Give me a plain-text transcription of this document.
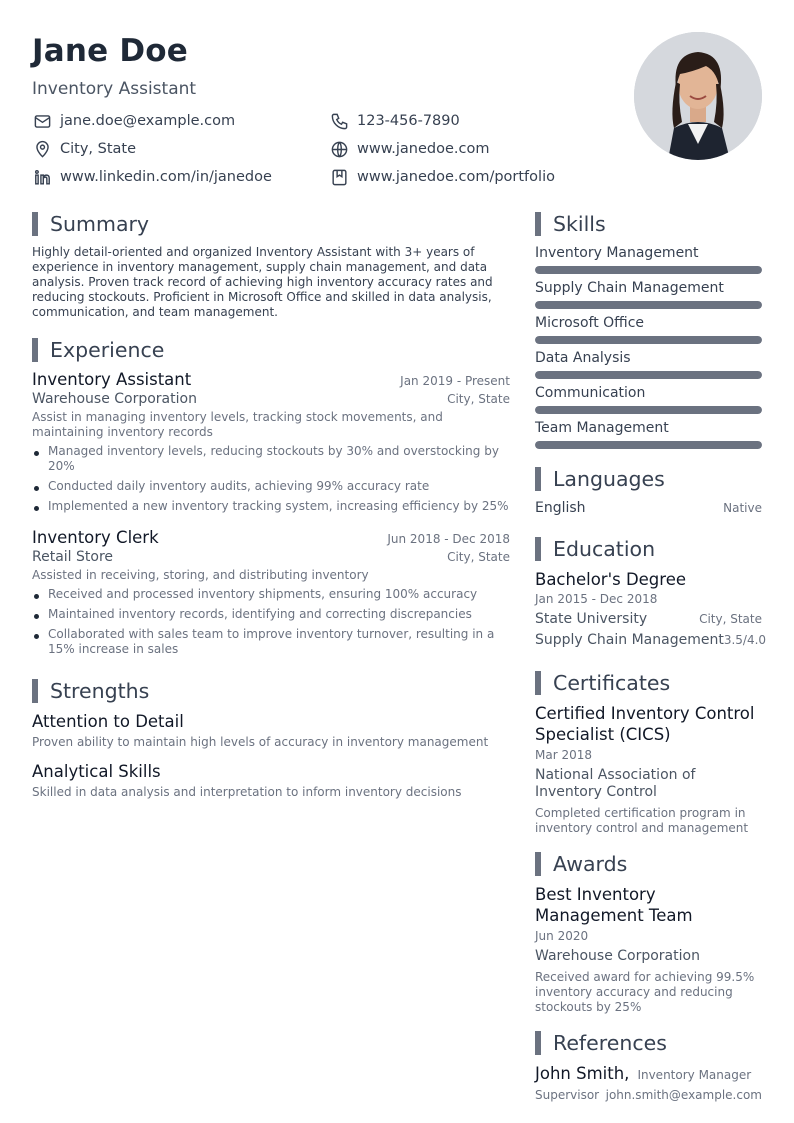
Jane Doe
Inventory Assistant
jane.doe@example.com	123-456-7890
City, State	www.janedoe.com
www.linkedin.com/in/janedoe	www.janedoe.com/portfolio
Summary
Highly detail-oriented and organized Inventory Assistant with 3+ years of experience in inventory management, supply chain management, and data analysis. Proven track record of achieving high inventory accuracy rates and reducing stockouts. Proficient in Microsoft Office and skilled in data analysis, communication, and team management.
Experience
Inventory Assistant	Jan 2019 - Present
Warehouse Corporation	City, State
Assist in managing inventory levels, tracking stock movements, and maintaining inventory records
Managed inventory levels, reducing stockouts by 30% and overstocking by 20%
Conducted daily inventory audits, achieving 99% accuracy rate
Implemented a new inventory tracking system, increasing efficiency by 25%
Inventory Clerk	Jun 2018 - Dec 2018
Retail Store	City, State
Assisted in receiving, storing, and distributing inventory
Received and processed inventory shipments, ensuring 100% accuracy
Maintained inventory records, identifying and correcting discrepancies
Collaborated with sales team to improve inventory turnover, resulting in a 15% increase in sales
Strengths
Attention to Detail
Proven ability to maintain high levels of accuracy in inventory management
Analytical Skills
Skilled in data analysis and interpretation to inform inventory decisions
Skills
Inventory Management
Supply Chain Management
Microsoft Office
Data Analysis
Communication
Team Management
Languages
English	Native
Education
Bachelor's Degree
Jan 2015 - Dec 2018
State University	City, State
Supply Chain Management 3.5/4.0
Certificates
Certified Inventory Control Specialist (CICS)
Mar 2018
National Association of Inventory Control
Completed certification program in inventory control and management
Awards
Best Inventory Management Team
Jun 2020
Warehouse Corporation
Received award for achieving 99.5% inventory accuracy and reducing stockouts by 25%
References
John Smith, Inventory Manager
Supervisor john.smith@example.com
